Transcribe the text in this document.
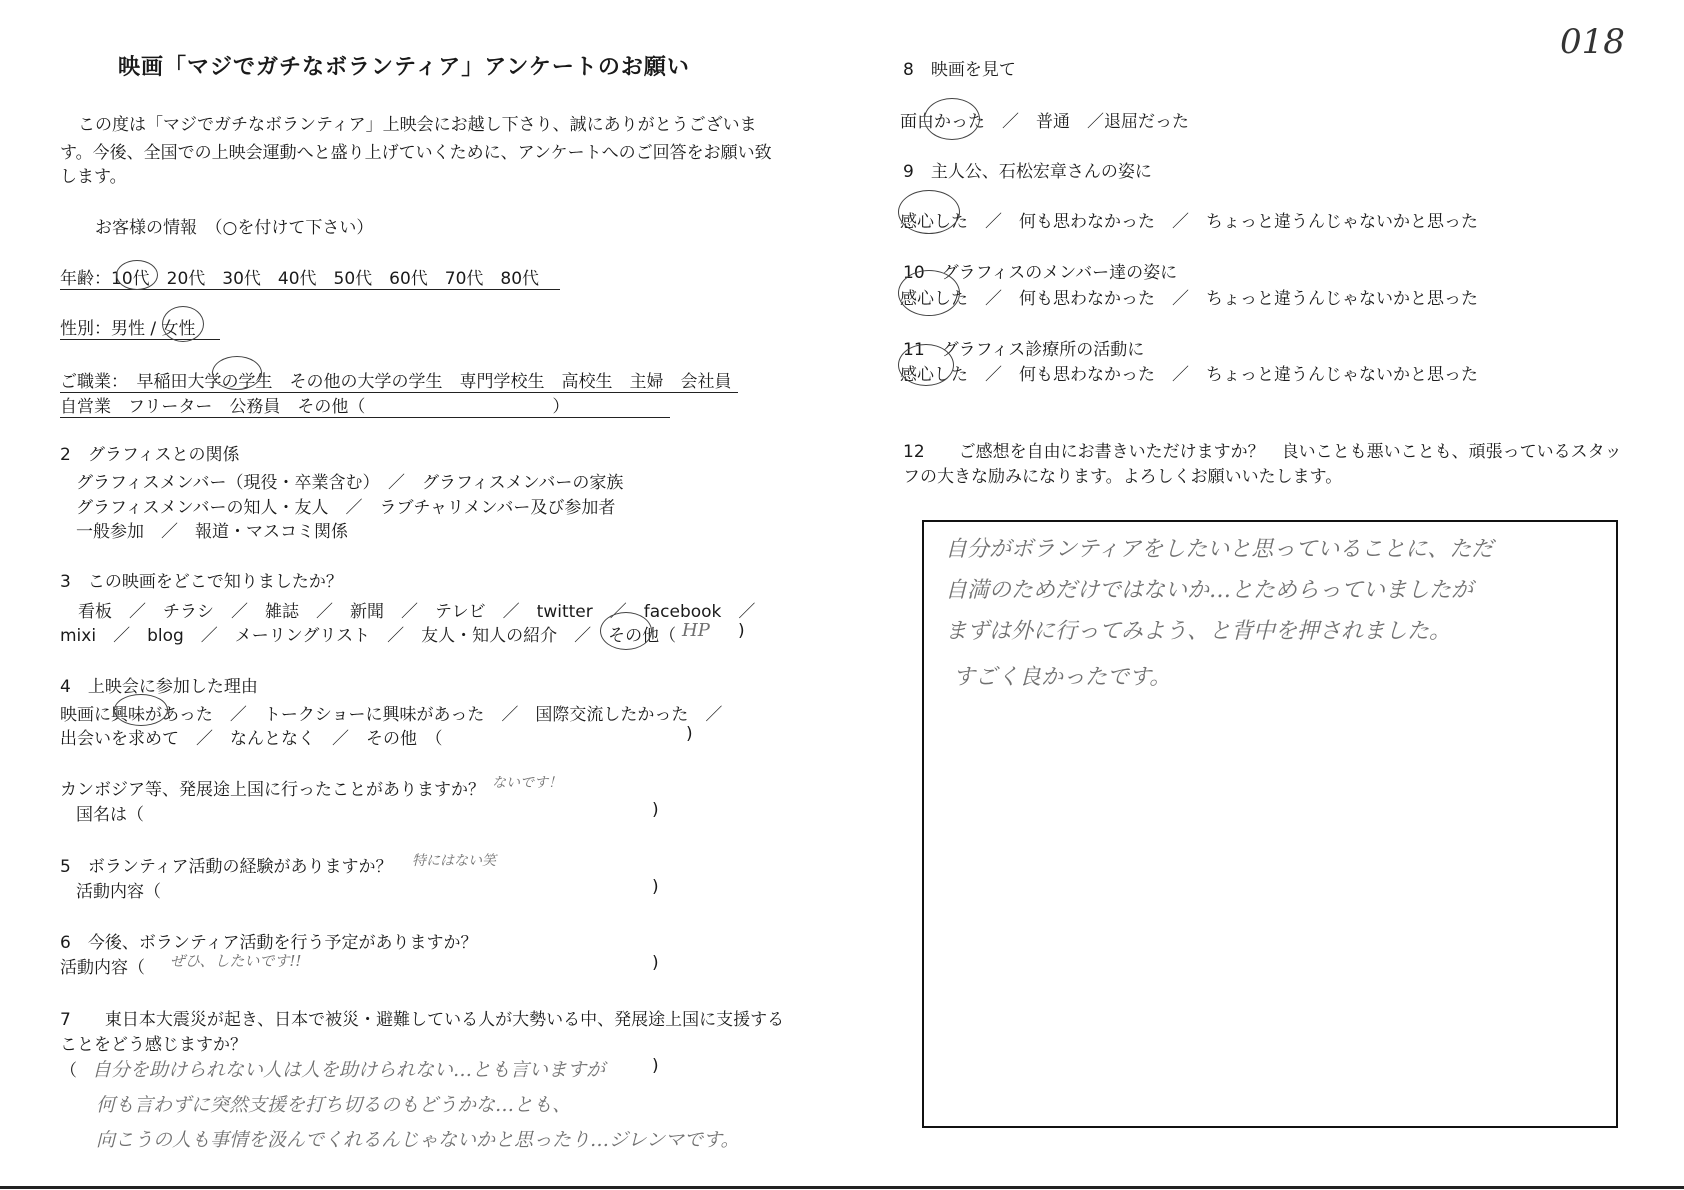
018
映画「マジでガチなボランティア」アンケートのお願い
この度は「マジでガチなボランティア」上映会にお越し下さり、誠にありがとうございま
す。今後、全国での上映会運動へと盛り上げていくために、アンケートへのご回答をお願い致
します。
お客様の情報　（○を付けて下さい）
年齢：10代　20代　30代　40代　50代　60代　70代　80代
性別：男性 / 女性
ご職業：　早稲田大学の学生　その他の大学の学生　専門学校生　高校生　主婦　会社員
自営業　フリーター　公務員　その他（　　　　　　　　　　　）
2　グラフィスとの関係
グラフィスメンバー（現役・卒業含む）　／　グラフィスメンバーの家族
グラフィスメンバーの知人・友人　／　ラブチャリメンバー及び参加者
一般参加　／　報道・マスコミ関係
3　この映画をどこで知りましたか？
看板　／　チラシ　／　雑誌　／　新聞　／　テレビ　／　twitter　／　facebook　／
mixi　／　blog　／　メーリングリスト　／　友人・知人の紹介　／　その他（ HP )
4　上映会に参加した理由
映画に興味があった　／　トークショーに興味があった　／　国際交流したかった　／
出会いを求めて　／　なんとなく　／　その他　（	)
カンボジア等、発展途上国に行ったことがありますか？ ないです！
国名は（	)
5　ボランティア活動の経験がありますか？ 特にはない笑
活動内容（	)
6　今後、ボランティア活動を行う予定がありますか？
活動内容（ ぜひ、したいです!!	)
7　　東日本大震災が起き、日本で被災・避難している人が大勢いる中、発展途上国に支援する
ことをどう感じますか？
（ 自分を助けられない人は人を助けられない…とも言いますが
何も言わずに突然支援を打ち切るのもどうかな…とも、
向こうの人も事情を汲んでくれるんじゃないかと思ったり…ジレンマです。
)
8　映画を見て
面白かった　／　普通　／退屈だった
9　主人公、石松宏章さんの姿に
感心した　／　何も思わなかった　／　ちょっと違うんじゃないかと思った
10　グラフィスのメンバー達の姿に
感心した　／　何も思わなかった　／　ちょっと違うんじゃないかと思った
11　グラフィス診療所の活動に
感心した　／　何も思わなかった　／　ちょっと違うんじゃないかと思った
12　　ご感想を自由にお書きいただけますか？　良いことも悪いことも、頑張っているスタッ
フの大きな励みになります。よろしくお願いいたします。
自分がボランティアをしたいと思っていることに、ただ
自満のためだけではないか…とためらっていましたが
まずは外に行ってみよう、と背中を押されました。
すごく良かったです。
